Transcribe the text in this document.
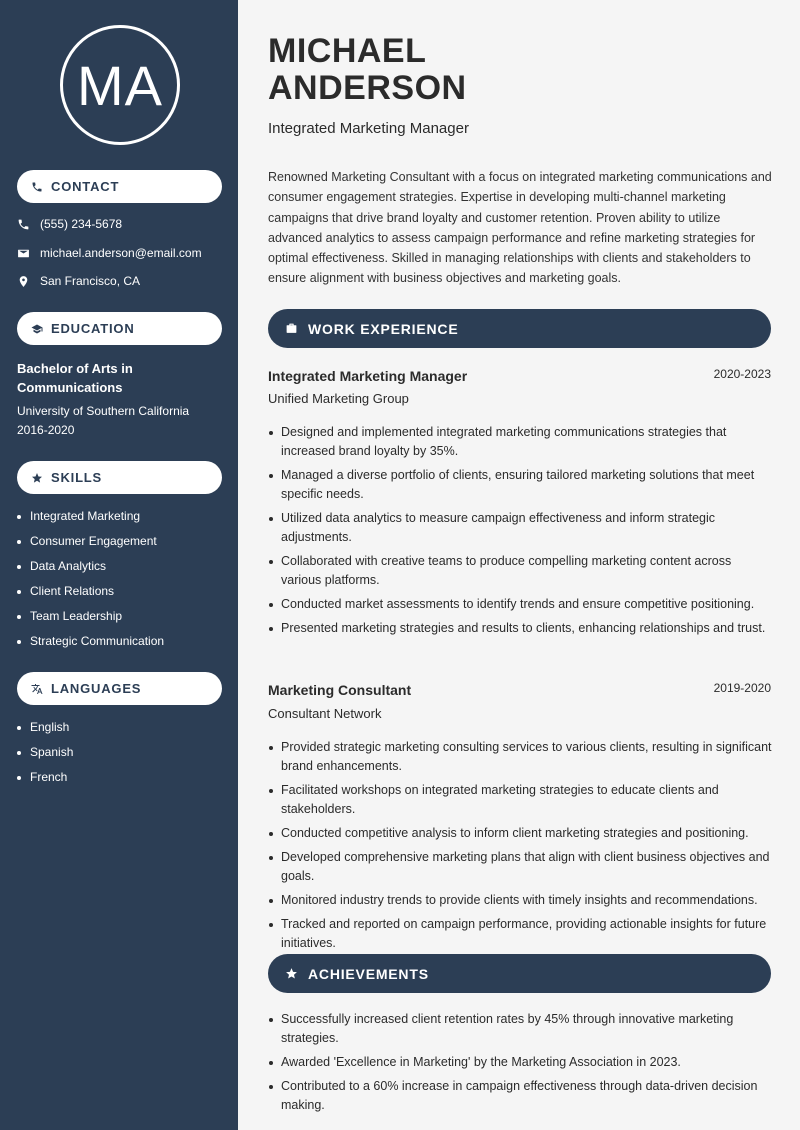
MA
CONTACT
(555) 234-5678
michael.anderson@email.com
San Francisco, CA
EDUCATION
Bachelor of Arts in Communications
University of Southern California
2016-2020
SKILLS
Integrated Marketing
Consumer Engagement
Data Analytics
Client Relations
Team Leadership
Strategic Communication
LANGUAGES
English
Spanish
French
MICHAEL
ANDERSON
Integrated Marketing Manager

Renowned Marketing Consultant with a focus on integrated marketing communications and consumer engagement strategies. Expertise in developing multi-channel marketing campaigns that drive brand loyalty and customer retention. Proven ability to utilize advanced analytics to assess campaign performance and refine marketing strategies for optimal effectiveness. Skilled in managing relationships with clients and stakeholders to ensure alignment with business objectives and marketing goals.

WORK EXPERIENCE
Integrated Marketing Manager	2020-2023
Unified Marketing Group
Designed and implemented integrated marketing communications strategies that increased brand loyalty by 35%.
Managed a diverse portfolio of clients, ensuring tailored marketing solutions that meet specific needs.
Utilized data analytics to measure campaign effectiveness and inform strategic adjustments.
Collaborated with creative teams to produce compelling marketing content across various platforms.
Conducted market assessments to identify trends and ensure competitive positioning.
Presented marketing strategies and results to clients, enhancing relationships and trust.
Marketing Consultant	2019-2020
Consultant Network
Provided strategic marketing consulting services to various clients, resulting in significant brand enhancements.
Facilitated workshops on integrated marketing strategies to educate clients and stakeholders.
Conducted competitive analysis to inform client marketing strategies and positioning.
Developed comprehensive marketing plans that align with client business objectives and goals.
Monitored industry trends to provide clients with timely insights and recommendations.
Tracked and reported on campaign performance, providing actionable insights for future initiatives.
ACHIEVEMENTS
Successfully increased client retention rates by 45% through innovative marketing strategies.
Awarded 'Excellence in Marketing' by the Marketing Association in 2023.
Contributed to a 60% increase in campaign effectiveness through data-driven decision making.
